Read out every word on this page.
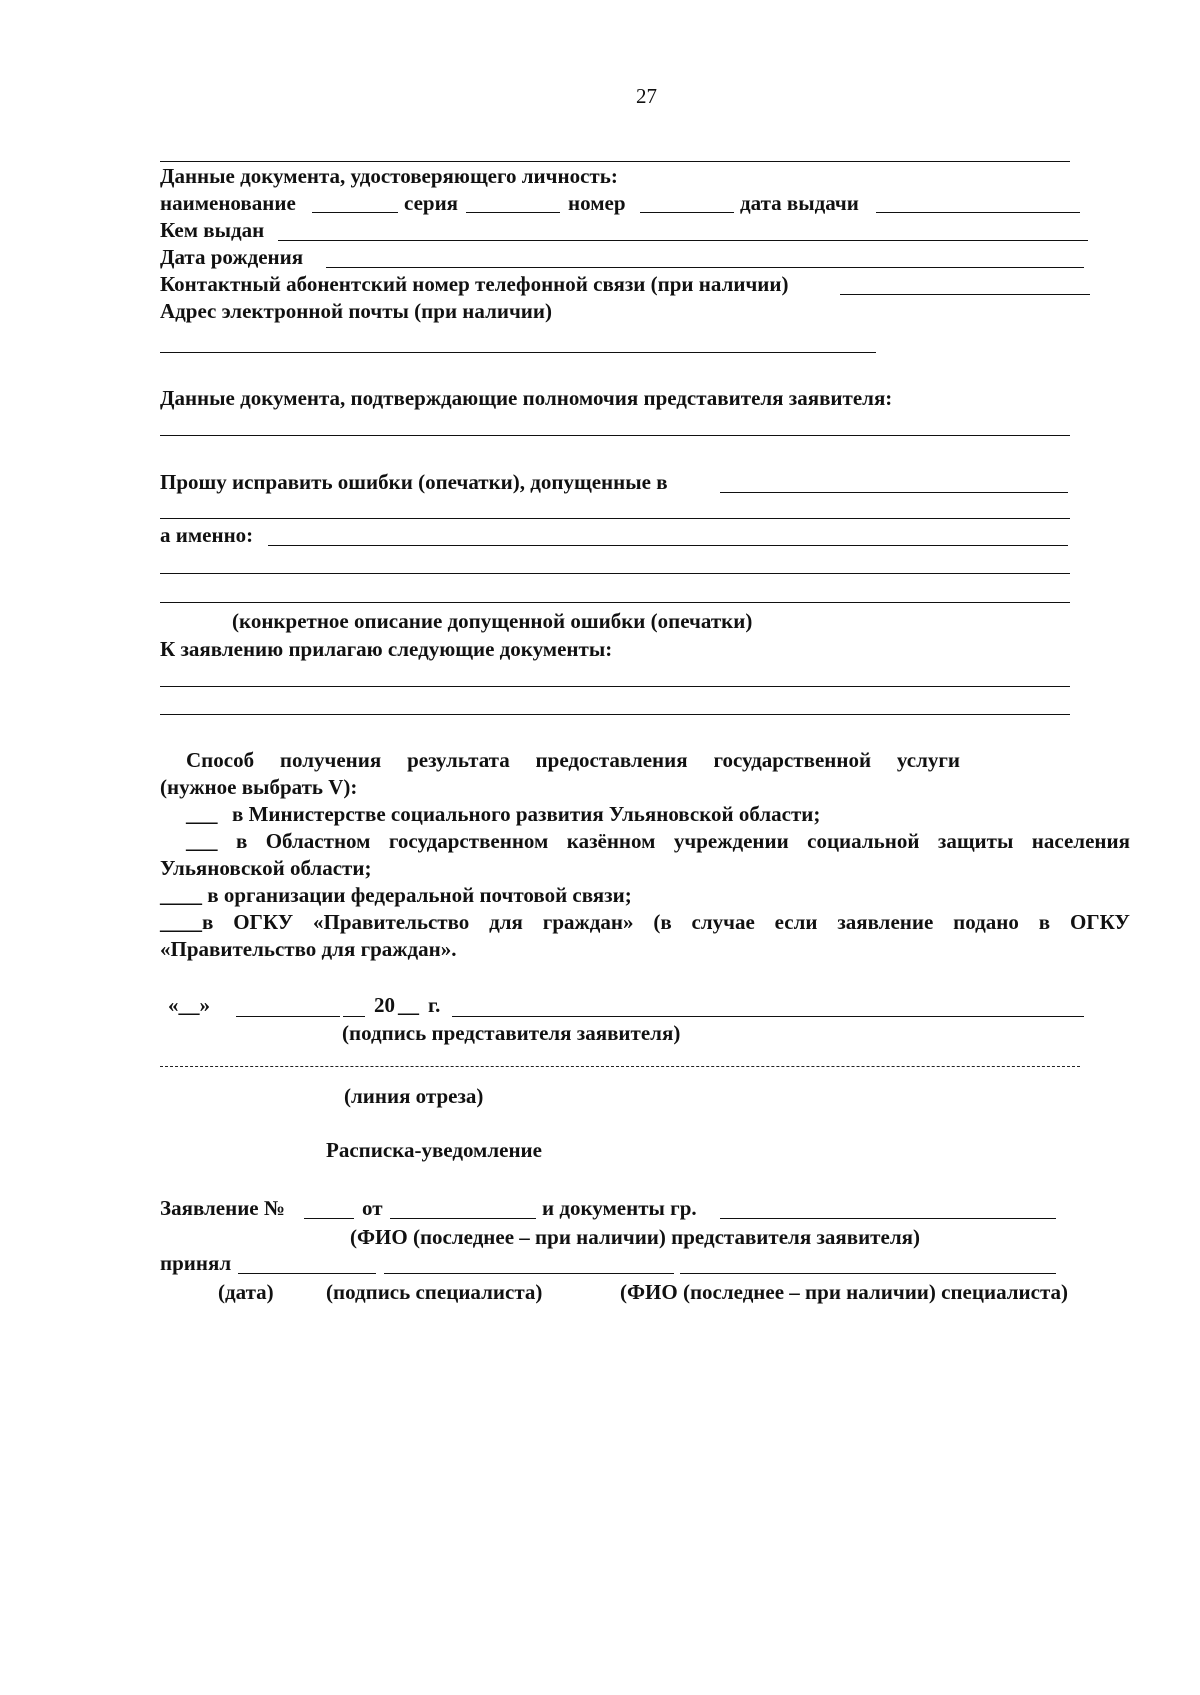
27
Данные документа, удостоверяющего личность:
наименование	серия	номер	дата выдачи
Кем выдан
Дата рождения
Контактный абонентский номер телефонной связи (при наличии)
Адрес электронной почты (при наличии)
Данные документа, подтверждающие полномочия представителя заявителя:
Прошу исправить ошибки (опечатки), допущенные в
а именно:
(конкретное описание допущенной ошибки (опечатки)
К заявлению прилагаю следующие документы:
Способ получения результата предоставления государственной услуги
(нужное выбрать V):
___ в Министерстве социального развития Ульяновской области;
___ в Областном государственном казённом учреждении социальной защиты населения
Ульяновской области;
____ в организации федеральной почтовой связи;
____в ОГКУ «Правительство для граждан» (в случае если заявление подано в ОГКУ
«Правительство для граждан».
«__»	20 __ г.
(подпись представителя заявителя)
(линия отреза)
Расписка-уведомление
Заявление №	от	и документы гр.
(ФИО (последнее – при наличии) представителя заявителя)
принял
(дата) (подпись специалиста)	(ФИО (последнее – при наличии) специалиста)
